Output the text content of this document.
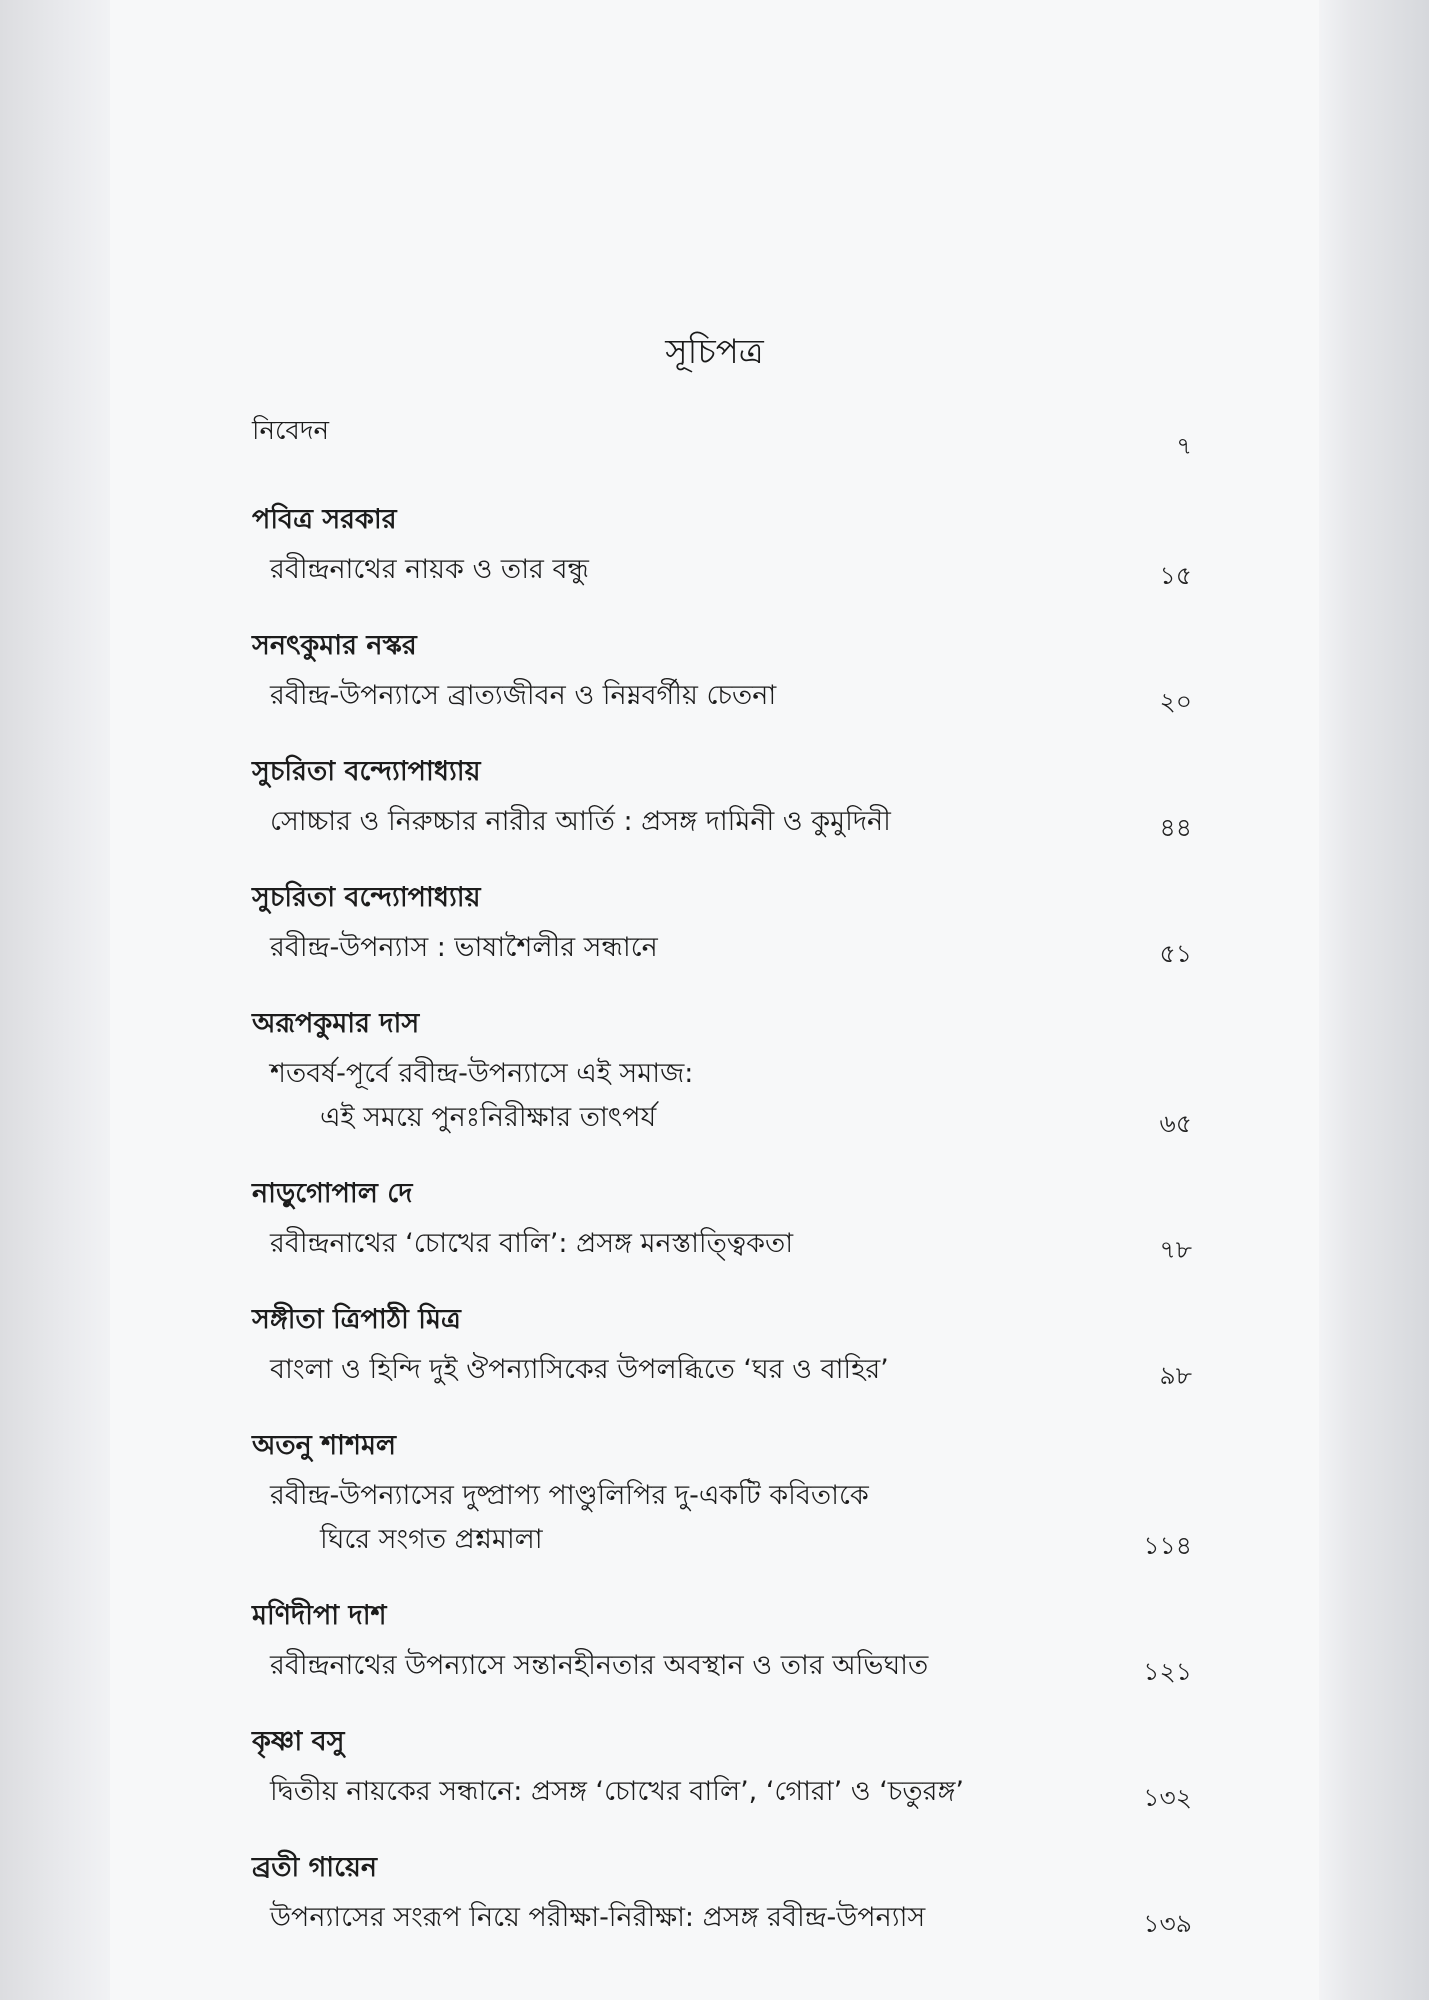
সূচিপত্র
নিবেদন	৭
পবিত্র সরকার
রবীন্দ্রনাথের নায়ক ও তার বন্ধু	১৫
সনৎকুমার নস্কর
রবীন্দ্র-উপন্যাসে ব্রাত্যজীবন ও নিম্নবর্গীয় চেতনা	২০
সুচরিতা বন্দ্যোপাধ্যায়
সোচ্চার ও নিরুচ্চার নারীর আর্তি : প্রসঙ্গ দামিনী ও কুমুদিনী	৪৪
সুচরিতা বন্দ্যোপাধ্যায়
রবীন্দ্র-উপন্যাস : ভাষাশৈলীর সন্ধানে	৫১
অরূপকুমার দাস
শতবর্ষ-পূর্বে রবীন্দ্র-উপন্যাসে এই সমাজ:
এই সময়ে পুনঃনিরীক্ষার তাৎপর্য	৬৫
নাড়ুগোপাল দে
রবীন্দ্রনাথের ‘চোখের বালি’: প্রসঙ্গ মনস্তাত্ত্বিকতা	৭৮
সঙ্গীতা ত্রিপাঠী মিত্র
বাংলা ও হিন্দি দুই ঔপন্যাসিকের উপলব্ধিতে ‘ঘর ও বাহির’	৯৮
অতনু শাশমল
রবীন্দ্র-উপন্যাসের দুষ্প্রাপ্য পাণ্ডুলিপির দু-একটি কবিতাকে
ঘিরে সংগত প্রশ্নমালা	১১৪
মণিদীপা দাশ
রবীন্দ্রনাথের উপন্যাসে সন্তানহীনতার অবস্থান ও তার অভিঘাত	১২১
কৃষ্ণা বসু
দ্বিতীয় নায়কের সন্ধানে: প্রসঙ্গ ‘চোখের বালি’, ‘গোরা’ ও ‘চতুরঙ্গ’	১৩২
ব্রতী গায়েন
উপন্যাসের সংরূপ নিয়ে পরীক্ষা-নিরীক্ষা: প্রসঙ্গ রবীন্দ্র-উপন্যাস	১৩৯
